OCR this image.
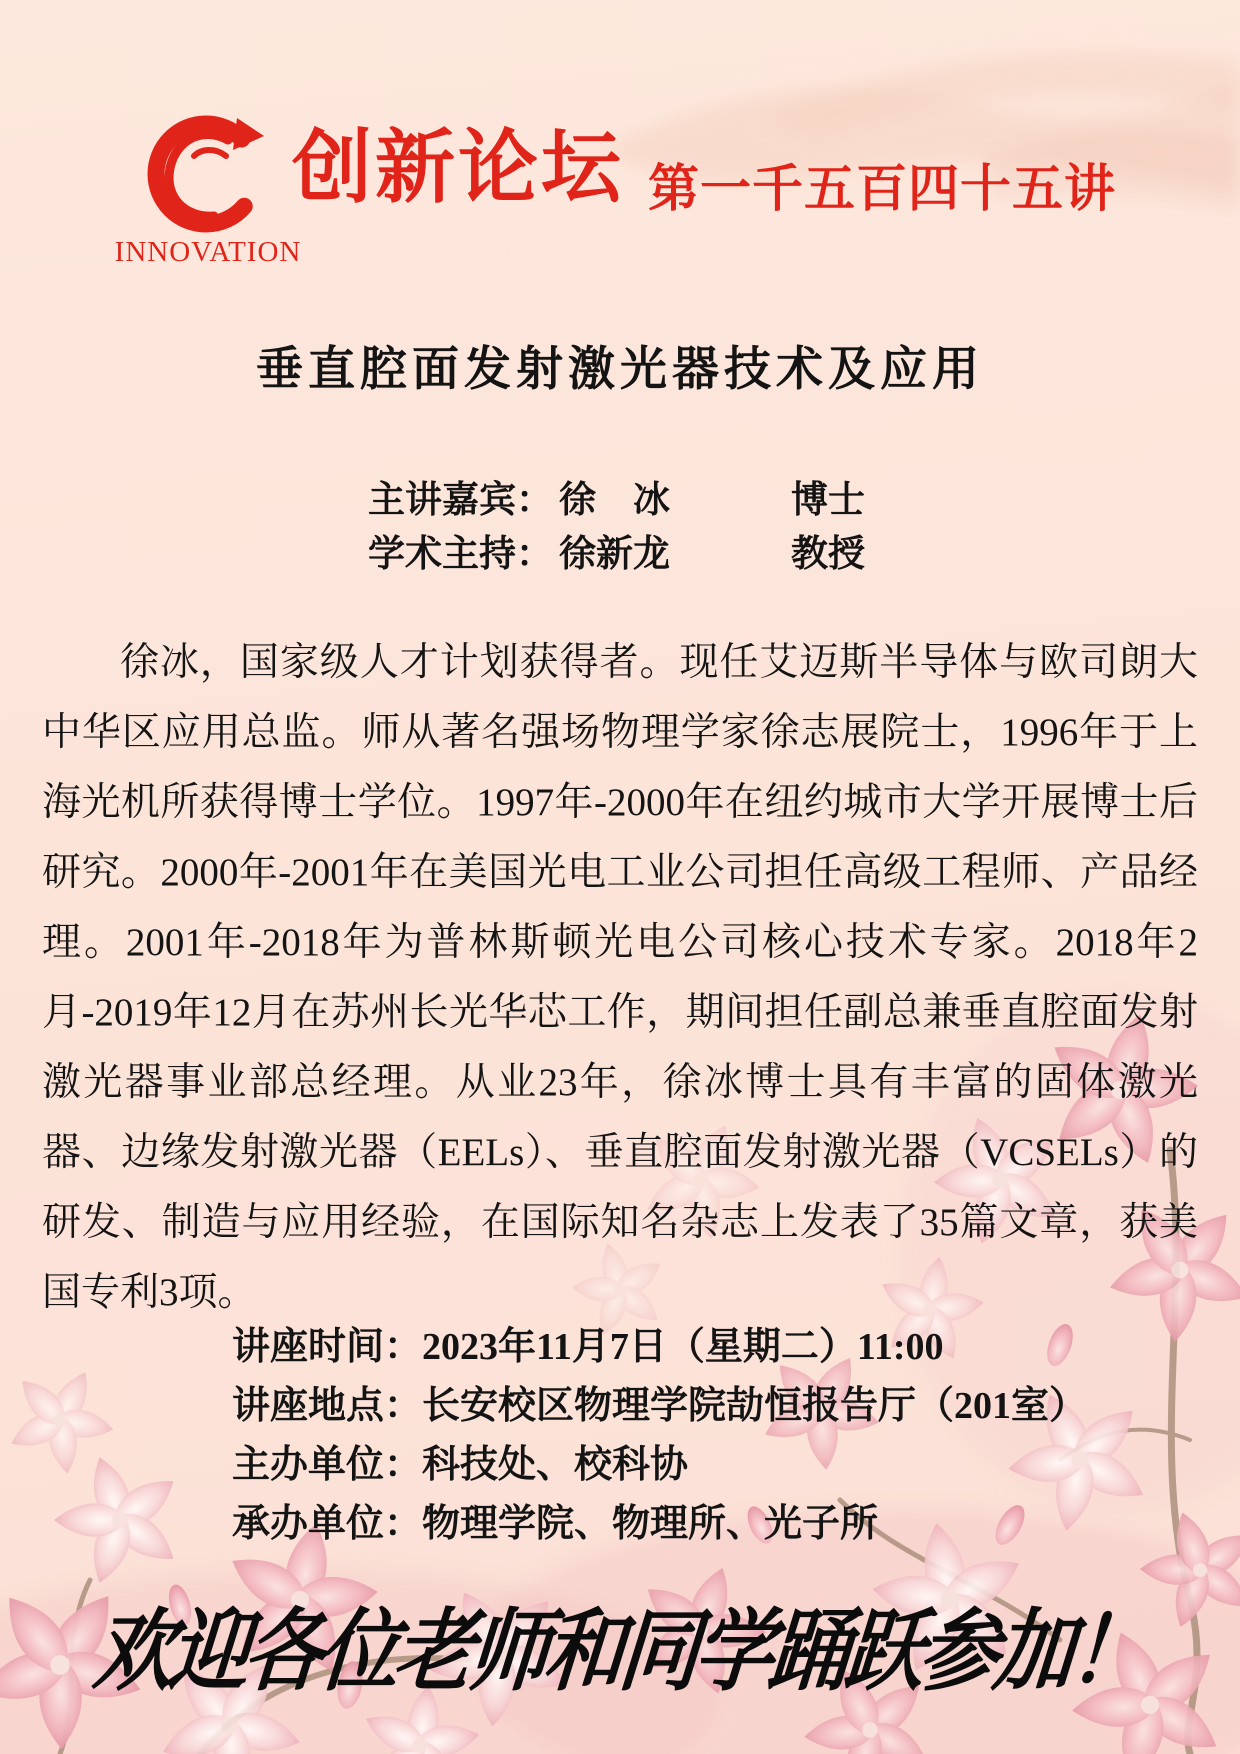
INNOVATION
创新论坛 第一千五百四十五讲
垂直腔面发射激光器技术及应用
主讲嘉宾： 徐　冰	博士
学术主持： 徐新龙	教授

徐冰，国家级人才计划获得者。现任艾迈斯半导体与欧司朗大中华区应用总监。师从著名强场物理学家徐志展院士，1996年于上海光机所获得博士学位。1997年-2000年在纽约城市大学开展博士后研究。2000年-2001年在美国光电工业公司担任高级工程师、产品经理。2001年-2018年为普林斯顿光电公司核心技术专家。2018年2月-2019年12月在苏州长光华芯工作，期间担任副总兼垂直腔面发射激光器事业部总经理。从业23年，徐冰博士具有丰富的固体激光器、边缘发射激光器（EELs）、垂直腔面发射激光器（VCSELs）的研发、制造与应用经验，在国际知名杂志上发表了35篇文章，获美国专利3项。

讲座时间：2023年11月7日（星期二）11:00
讲座地点：长安校区物理学院劼恒报告厅（201室）
主办单位：科技处、校科协
承办单位：物理学院、物理所、光子所
欢迎各位老师和同学踊跃参加！
